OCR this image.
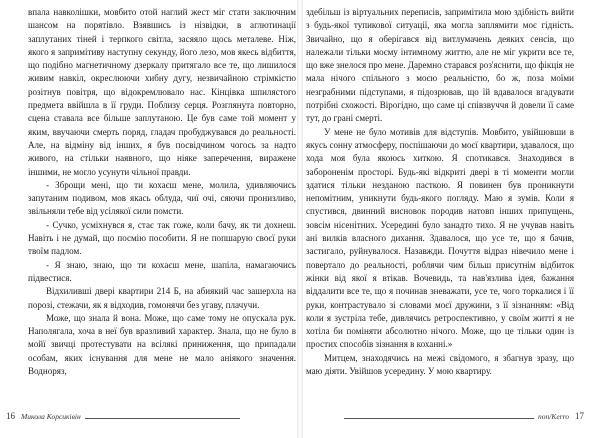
впала навколішки, мовбито отой наглий жест міг стати заключним шансом на порятівло. Взявшись із нізвідки, в аглютинації заплутаних тіней і терпкого світла, засяяло щось метaлеве. Ніж, якого я запримітиву наступну секунду, його лезо, мов якесь відбиття, що подібно магнетичному дзеркалу притягало все те, що лишилося живим навкіл, окреслюючи хибну дугу, незвичайною стрімкістю розітнув повітря, що відокремлювало нас. Кінцівка шпилястого предмета ввійшла в її груди. Поблизу серця. Розглянута повторно, сцена ставала все більше заплутаною. Це був саме той момент у яким, ввучаючи смерть поряд, гладач пробуджувався до реальності. Але, на відміну від інших, я був посвідчином чогось за надто живого, на стільки наявного, що ніяке заперечення, виражене іншими, не могло усунути чільної правди.

- Зброщи мені, що ти кохаєш мене, молила, удивляючись запутаним подивом, мов якась облуда, чиї очі, сяючи пронизливо, звільняли тебе від усілякої сили помсти.

- Сучко, усміхнувся я, стає так гоже, коли бачу, як ти дохнеш. Навіть і не думай, що посмію пособити. Я не попшарую своєї руки твоїм падлом.

- Я знаю, знаю, що ти кохаєш мене, шапіла, намагаючись підвестися.

Відхилившi двері квартири 214 Б, на абиякий час зашерхла на порозі, стежачи, як я відходив, гомонячи без угаву, плачучи.

Може, що знала й вона. Може, що саме тому не опускала рук. Наполягала, хоча в неї був вразливий характер. Знала, що не було в мойї звичці протестувати на всілякі приниження, що припадали особам, яких існування для мене не мало аніякого значення. Водноряз,

здебільш із віртуальних переписів, запримітила мою здібність вийти з будь-якої тупикової ситуації, яка могла заплямити моє гідність. Звичайно, що я оберігався від витлумачень деяких сенсів, що належали тільки моєму інтимному життю, але не міг укрити все те, що вже знелося про мене. Даремно старався роз'яснити, що фікція не мала нічого спільного з моєю реальністю, бо ж, поза моїми незграбними підступами, я підозрював, що їй вдавалося вгадувати потрібні схожості. Вірогідно, що саме ці співзвуччя й довели її саме тут, до грані смерті.

У мене не було мотивів для відступів. Мовбито, увійшовши в якусь сонну атмосферу, поспішаючи до моєї квартири, здавалося, що хода моя була якоюсь хиткою. Я спотикався. Знаходився в забороненім просторі. Будь-які відкриті двері в ті моменти могли здатися тільки незданою пасткою. Я повинен був проникнути непомітним, уникнути будь-якого погляду. Маю я зумів. Коли я спустився, двинний висновок породив натовп інших припущень, зовсім нісенітних. Усередині було занадто тихо. Я не учував навіть ані вилків власного дихання. Здавалося, що усе те, що я бачив, застигало, руйнувалося. Назавжди. Почуття відраз нівечило мене і повертало до реальності, роблячи чим більш присутнім відбиток жінки від якої я втікав. Вочевидь, та нав'язлива ідея, бажання віддалити все те, що я починав зневажати, усе те, чого торкалися і її руки, контрастувало зі словами моєї дружини, з її зізнанням: «Від коли я зустріла тебе, дивлячись ретроспективно, у своїм житті я не хотіла би поміняти абсолютно нічого. Може, що це тільки один із простих способів зізнання в коханні.»

Митцем, знаходячись на межі свідомого, я збагнув зразу, що маю діяти. Увійшов усередину. У мою квартиру.

16 Микола Корсиківін	non/Kerro 17
